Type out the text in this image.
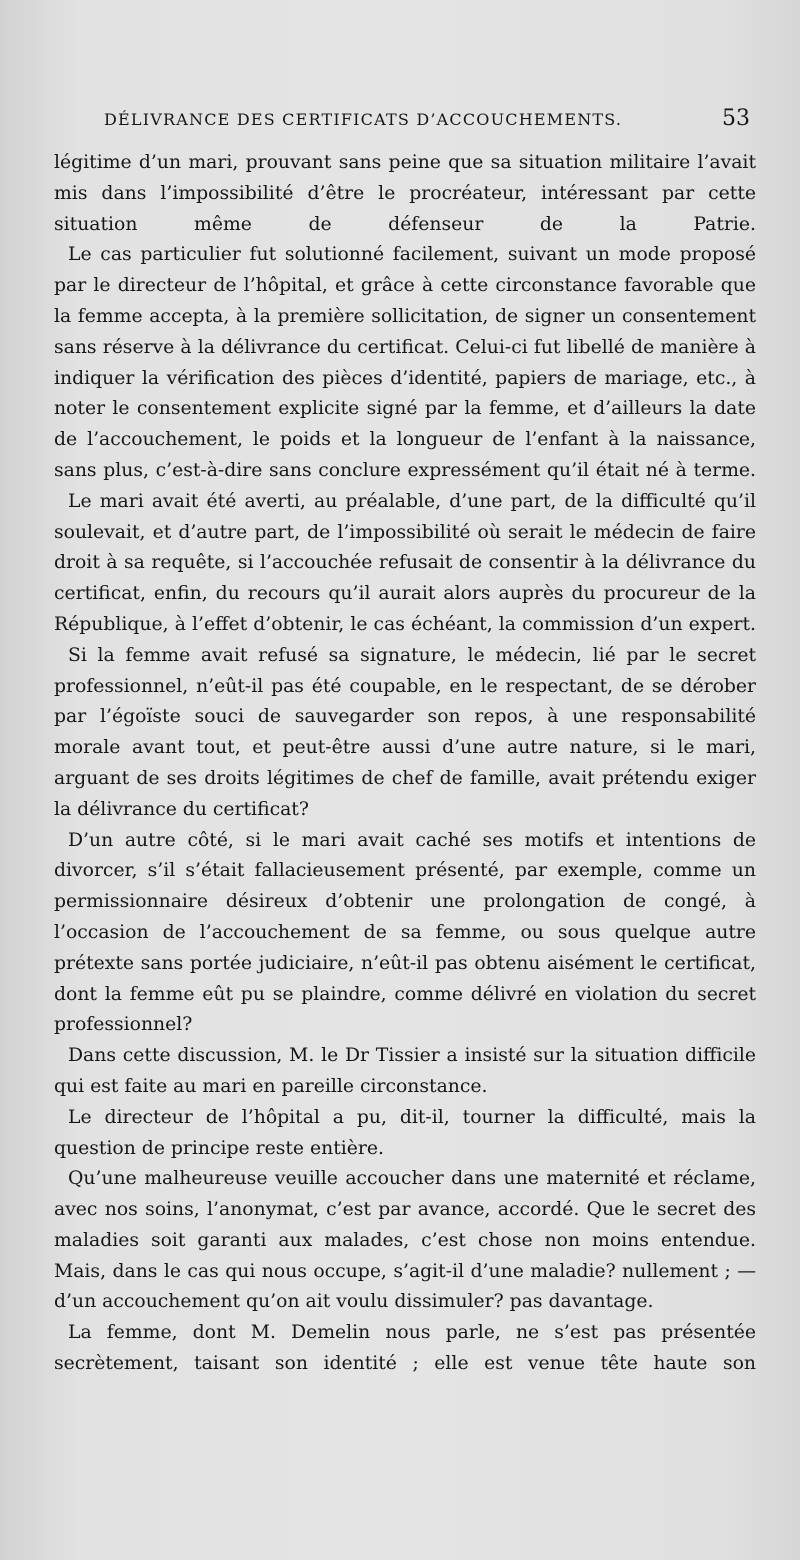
DÉLIVRANCE DES CERTIFICATS D’ACCOUCHEMENTS.	53

légitime d’un mari, prouvant sans peine que sa situation militaire l’avait mis dans l’impossibilité d’être le procréateur, intéressant par cette situation même de défenseur de la Patrie.

Le cas particulier fut solutionné facilement, suivant un mode proposé par le directeur de l’hôpital, et grâce à cette circonstance favorable que la femme accepta, à la première sollicitation, de signer un consentement sans réserve à la délivrance du certificat. Celui-ci fut libellé de manière à indiquer la vérification des pièces d’identité, papiers de mariage, etc., à noter le consentement explicite signé par la femme, et d’ailleurs la date de l’accouchement, le poids et la longueur de l’enfant à la naissance, sans plus, c’est-à-dire sans conclure expressément qu’il était né à terme.

Le mari avait été averti, au préalable, d’une part, de la difficulté qu’il soulevait, et d’autre part, de l’impossibilité où serait le médecin de faire droit à sa requête, si l’accouchée refusait de consentir à la délivrance du certificat, enfin, du recours qu’il aurait alors auprès du procureur de la République, à l’effet d’obtenir, le cas échéant, la commission d’un expert.

Si la femme avait refusé sa signature, le médecin, lié par le secret professionnel, n’eût-il pas été coupable, en le respectant, de se dérober par l’égoïste souci de sauvegarder son repos, à une responsabilité morale avant tout, et peut-être aussi d’une autre nature, si le mari, arguant de ses droits légitimes de chef de famille, avait prétendu exiger la délivrance du certificat?

D’un autre côté, si le mari avait caché ses motifs et intentions de divorcer, s’il s’était fallacieusement présenté, par exemple, comme un permissionnaire désireux d’obtenir une prolongation de congé, à l’occasion de l’accouchement de sa femme, ou sous quelque autre prétexte sans portée judiciaire, n’eût-il pas obtenu aisément le certificat, dont la femme eût pu se plaindre, comme délivré en violation du secret professionnel?

Dans cette discussion, M. le Dr Tissier a insisté sur la situation difficile qui est faite au mari en pareille circonstance.

Le directeur de l’hôpital a pu, dit-il, tourner la difficulté, mais la question de principe reste entière.

Qu’une malheureuse veuille accoucher dans une maternité et réclame, avec nos soins, l’anonymat, c’est par avance, accordé. Que le secret des maladies soit garanti aux malades, c’est chose non moins entendue. Mais, dans le cas qui nous occupe, s’agit-il d’une maladie? nullement ; — d’un accouchement qu’on ait voulu dissimuler? pas davantage.

La femme, dont M. Demelin nous parle, ne s’est pas présentée secrètement, taisant son identité ; elle est venue tête haute son
